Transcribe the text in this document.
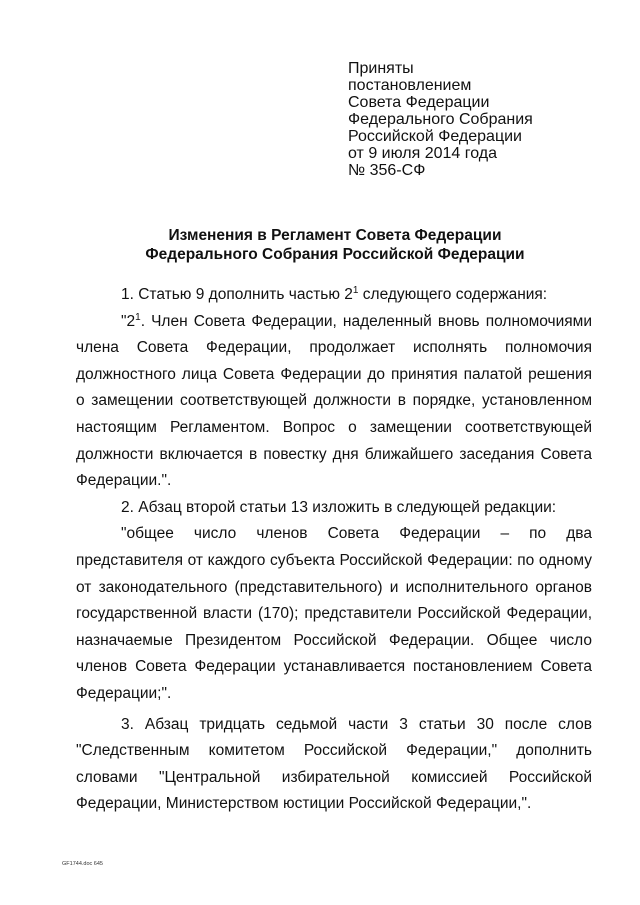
Приняты
постановлением
Совета Федерации
Федерального Собрания
Российской Федерации
от 9 июля 2014 года
№ 356-СФ
Изменения в Регламент Совета Федерации
Федерального Собрания Российской Федерации

1. Статью 9 дополнить частью $2^1$ следующего содержания:

"$2^1$. Член Совета Федерации, наделенный вновь полномочиями члена Совета Федерации, продолжает исполнять полномочия должностного лица Совета Федерации до принятия палатой решения о замещении соответствующей должности в порядке, установленном настоящим Регламентом. Вопрос о замещении соответствующей должности включается в повестку дня ближайшего заседания Совета Федерации.".

2. Абзац второй статьи 13 изложить в следующей редакции:

"общее число членов Совета Федерации – по два представителя от каждого субъекта Российской Федерации: по одному от законодательного (представительного) и исполнительного органов государственной власти (170); представители Российской Федерации, назначаемые Президентом Российской Федерации. Общее число членов Совета Федерации устанавливается постановлением Совета Федерации;".

3. Абзац тридцать седьмой части 3 статьи 30 после слов "Следственным комитетом Российской Федерации," дополнить словами "Центральной избирательной комиссией Российской Федерации, Министерством юстиции Российской Федерации,".

GF1744.doc 645
